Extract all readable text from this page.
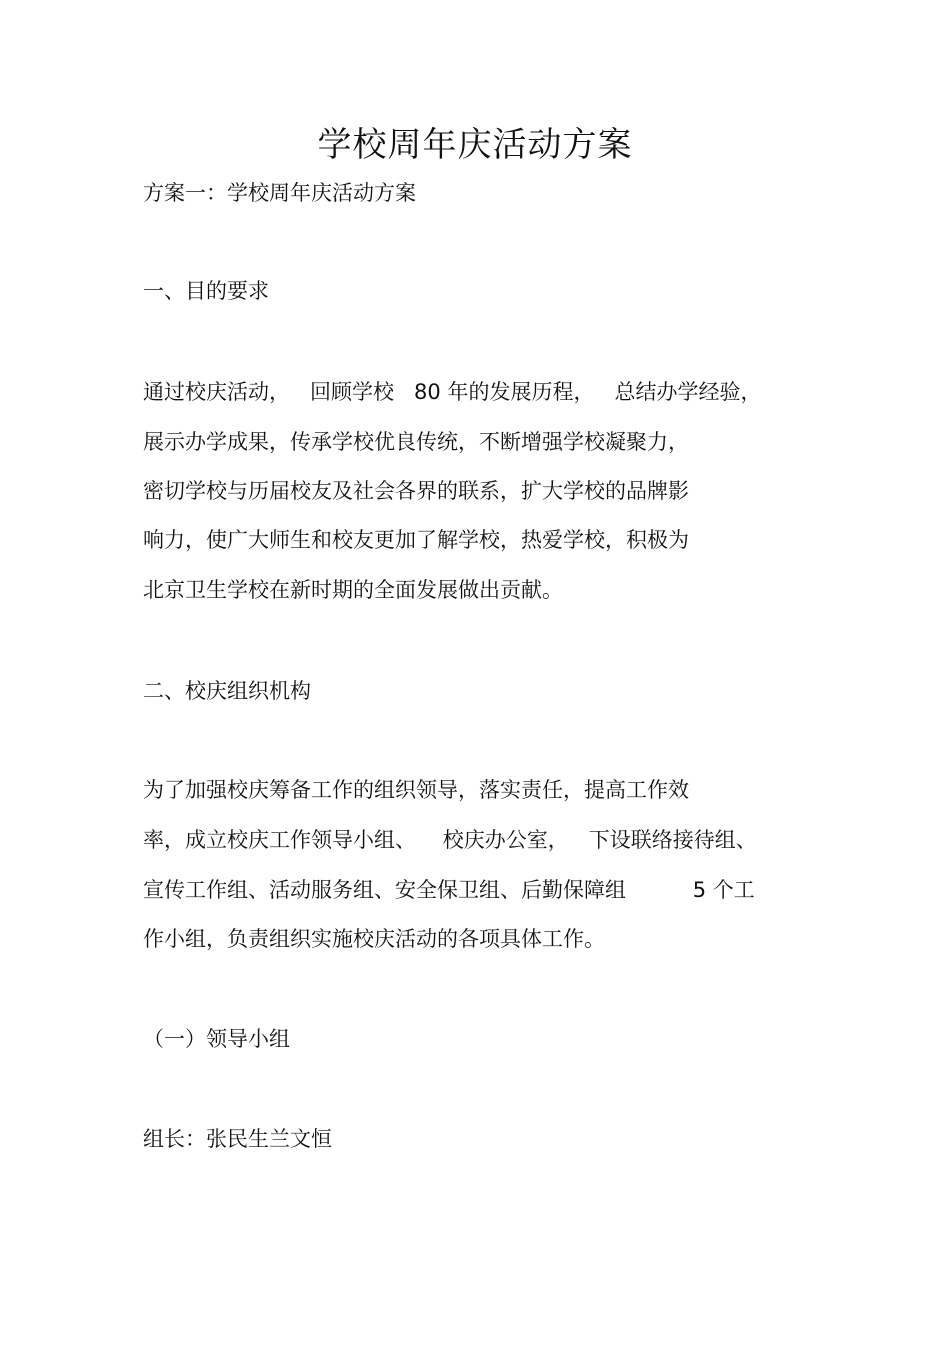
学校周年庆活动方案

方案一：学校周年庆活动方案

一、目的要求

通过校庆活动，   回顾学校   80 年的发展历程，   总结办学经验，

展示办学成果，传承学校优良传统，不断增强学校凝聚力，

密切学校与历届校友及社会各界的联系，扩大学校的品牌影

响力，使广大师生和校友更加了解学校，热爱学校，积极为

北京卫生学校在新时期的全面发展做出贡献。

二、校庆组织机构

为了加强校庆筹备工作的组织领导，落实责任，提高工作效

率，成立校庆工作领导小组、    校庆办公室，   下设联络接待组、

宣传工作组、活动服务组、安全保卫组、后勤保障组          5 个工

作小组，负责组织实施校庆活动的各项具体工作。

（一）领导小组

组长：张民生兰文恒
